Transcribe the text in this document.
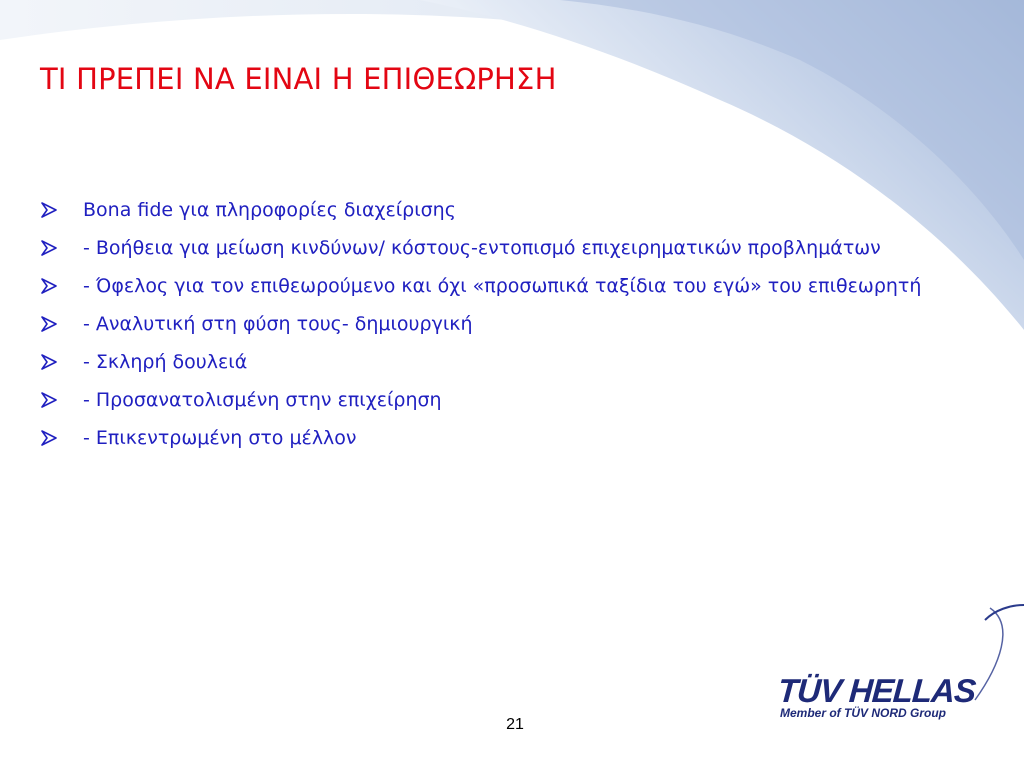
ΤΙ ΠΡΕΠΕΙ ΝΑ ΕΙΝΑΙ Η ΕΠΙΘΕΩΡΗΣΗ
Bona fide για πληροφορίες διαχείρισης
- Βοήθεια για μείωση κινδύνων/ κόστους-εντοπισμό επιχειρηματικών προβλημάτων
- Όφελος για τον επιθεωρούμενο και όχι «προσωπικά ταξίδια του εγώ» του επιθεωρητή
- Αναλυτική στη φύση τους- δημιουργική
- Σκληρή δουλειά
- Προσανατολισμένη στην επιχείρηση
- Επικεντρωμένη στο μέλλον
21
TÜV HELLAS
Member of TÜV NORD Group
